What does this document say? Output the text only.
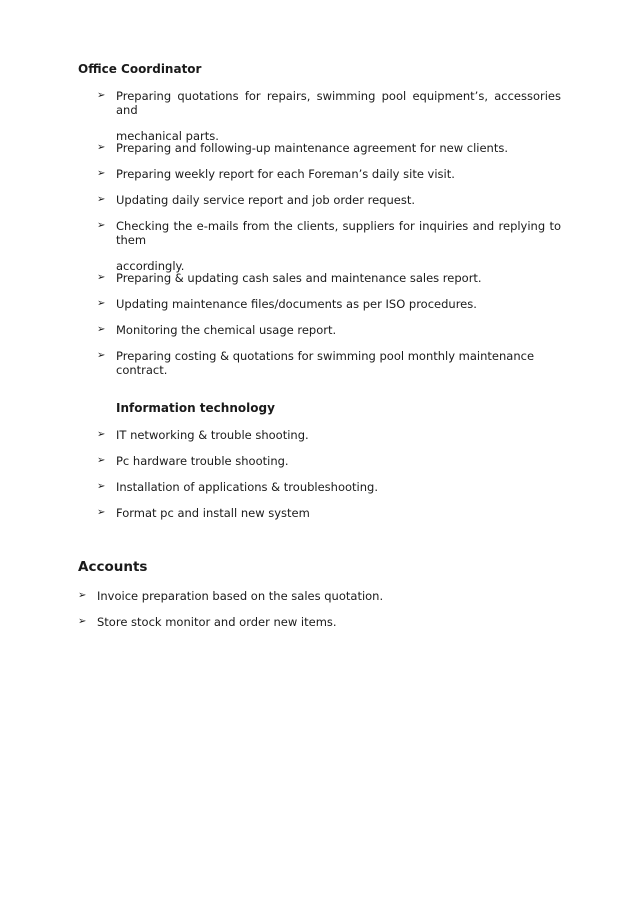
Office Coordinator

➢ Preparing quotations for repairs, swimming pool equipment’s, accessories and
mechanical parts.
➢ Preparing and following-up maintenance agreement for new clients.
➢ Preparing weekly report for each Foreman’s daily site visit.
➢ Updating daily service report and job order request.
➢ Checking the e-mails from the clients, suppliers for inquiries and replying to them
accordingly.
➢ Preparing & updating cash sales and maintenance sales report.
➢ Updating maintenance files/documents as per ISO procedures.
➢ Monitoring the chemical usage report.
➢ Preparing costing & quotations for swimming pool monthly maintenance contract.

Information technology

➢ IT networking & trouble shooting.
➢ Pc hardware trouble shooting.
➢ Installation of applications & troubleshooting.
➢ Format pc and install new system

Accounts

➢ Invoice preparation based on the sales quotation.
➢ Store stock monitor and order new items.
